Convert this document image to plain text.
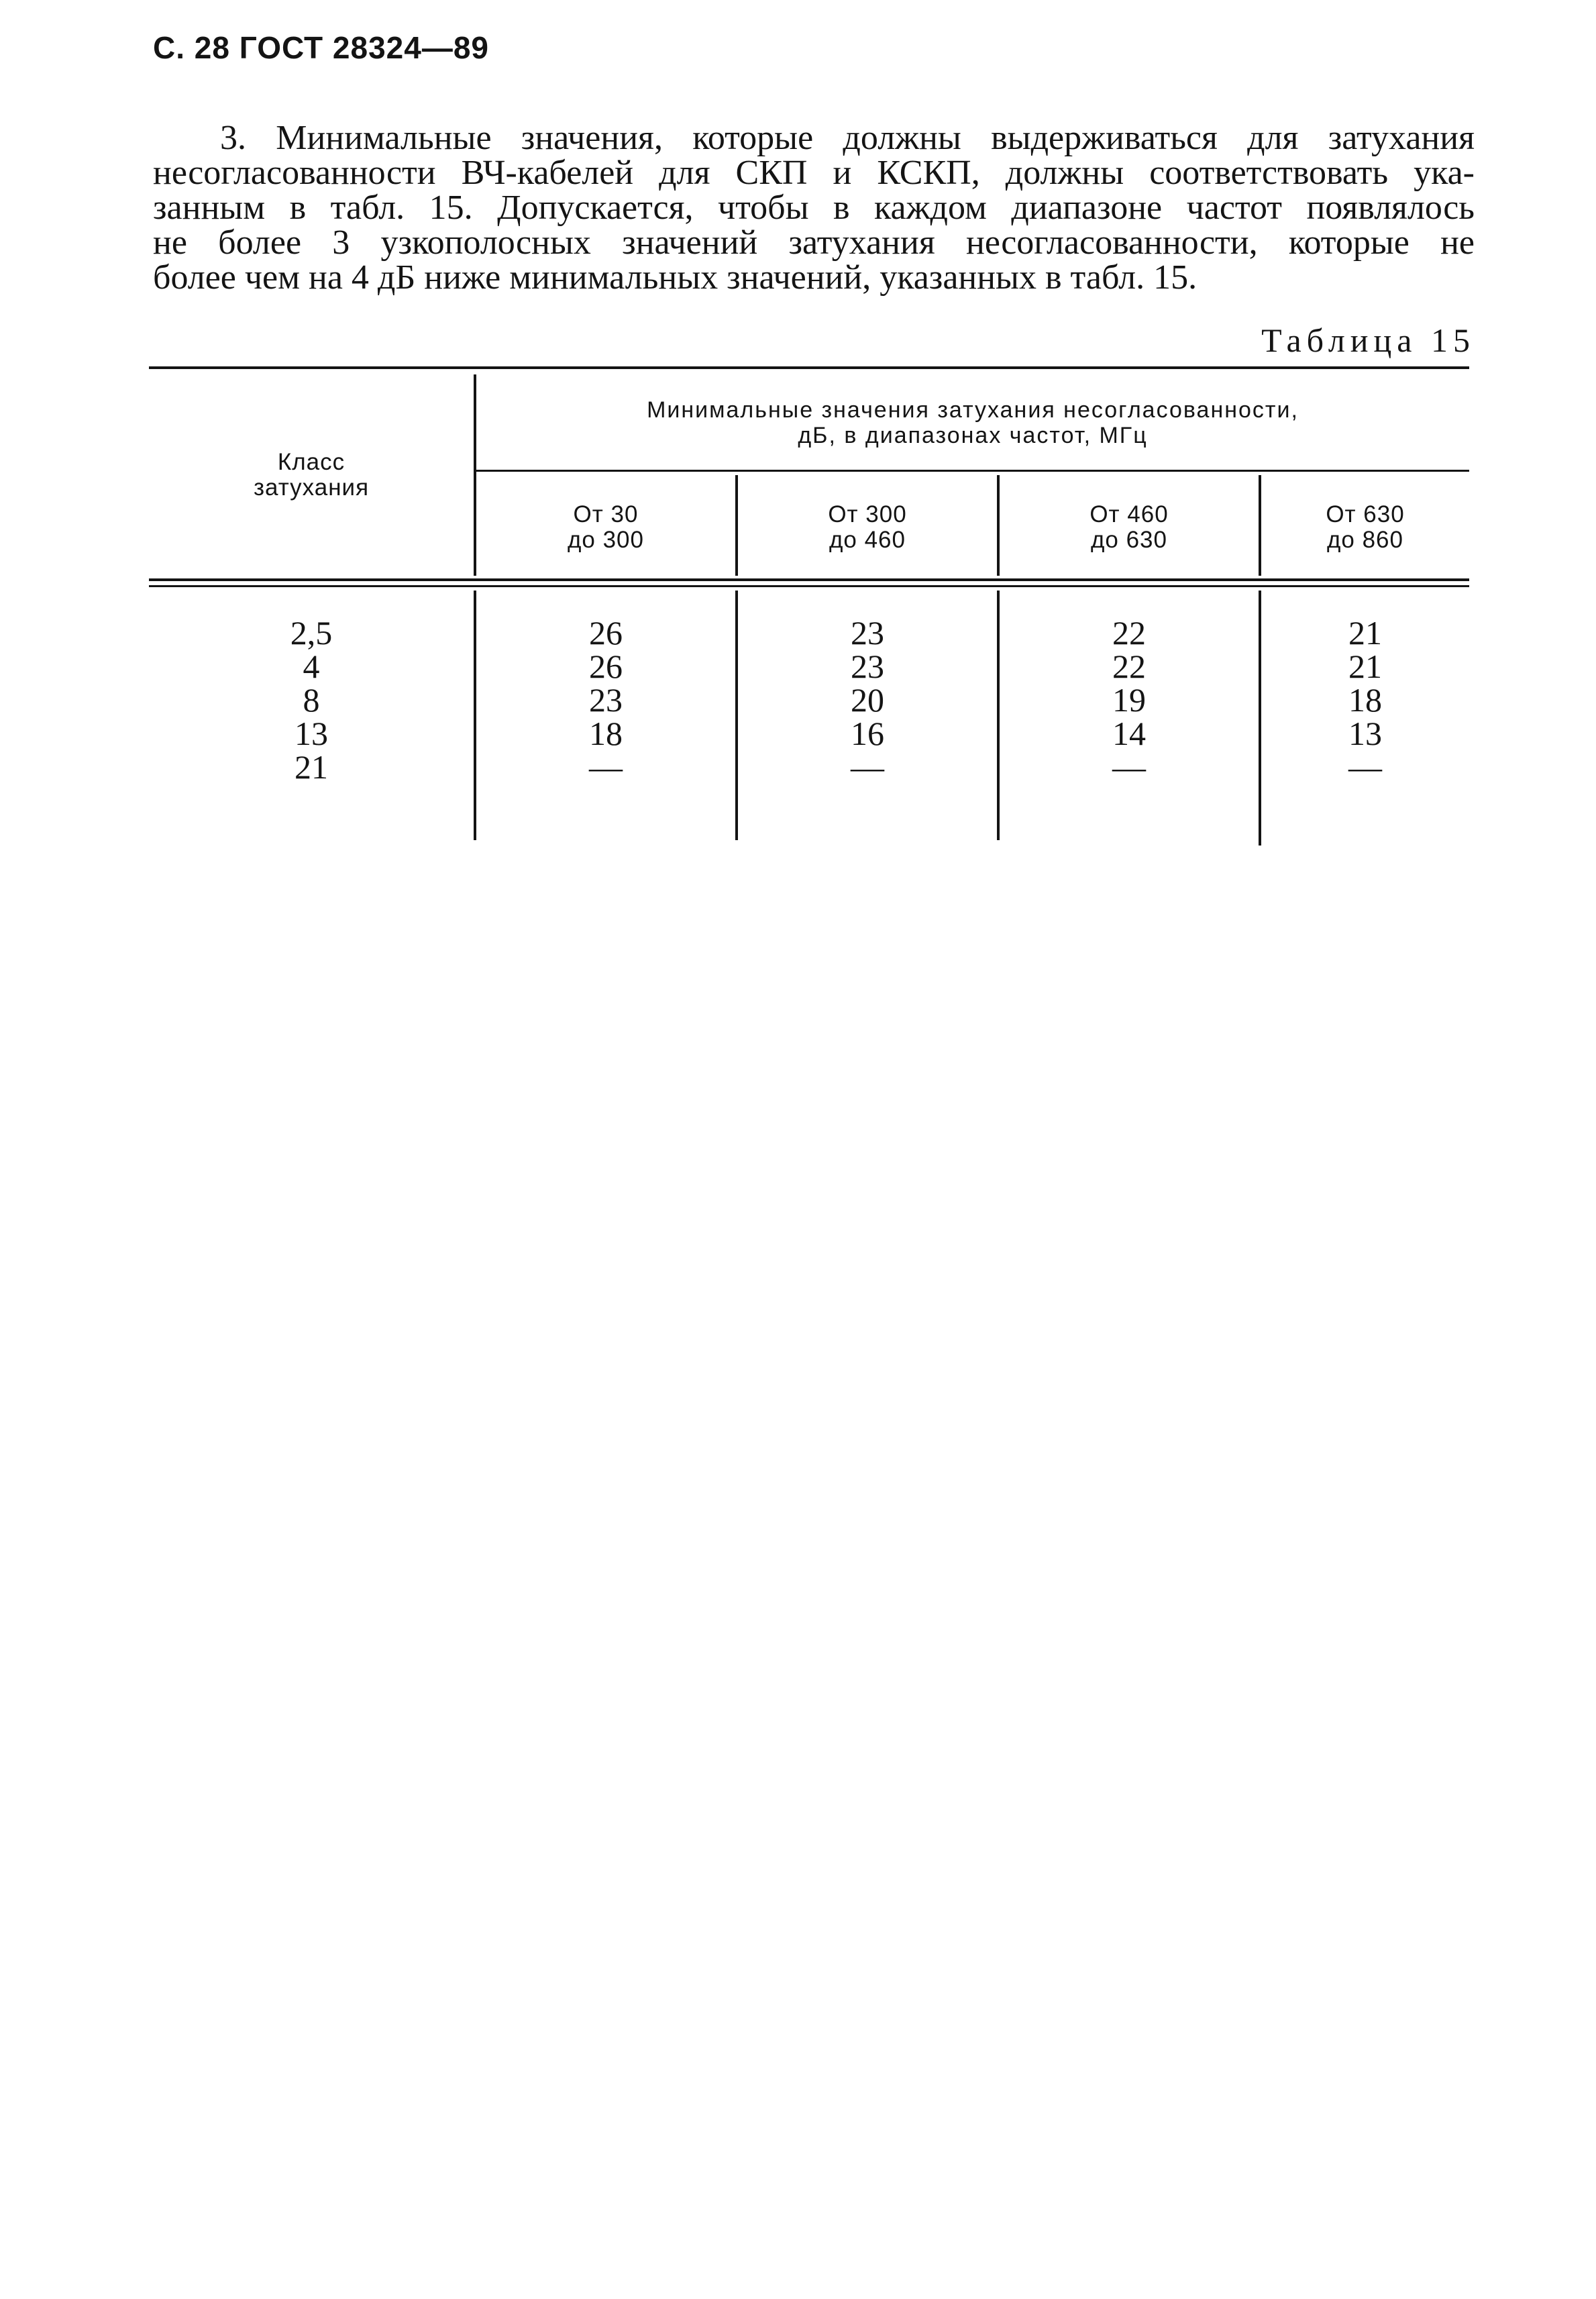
С. 28 ГОСТ 28324—89
3. Минимальные значения, которые должны выдерживаться для затухания
несогласованности ВЧ-кабелей для СКП и КСКП, должны соответствовать ука-
занным в табл. 15. Допускается, чтобы в каждом диапазоне частот появлялось
не более 3 узкополосных значений затухания несогласованности, которые не
более чем на 4 дБ ниже минимальных значений, указанных в табл. 15.
Таблица 15
Класс
затухания
Минимальные значения затухания несогласованности,
дБ, в диапазонах частот, МГц
От 30
до 300
От 300
до 460
От 460
до 630
От 630
до 860
2,5
4
8
13
21
26
26
23
18
—
23
23
20
16
—
22
22
19
14
—
21
21
18
13
—
